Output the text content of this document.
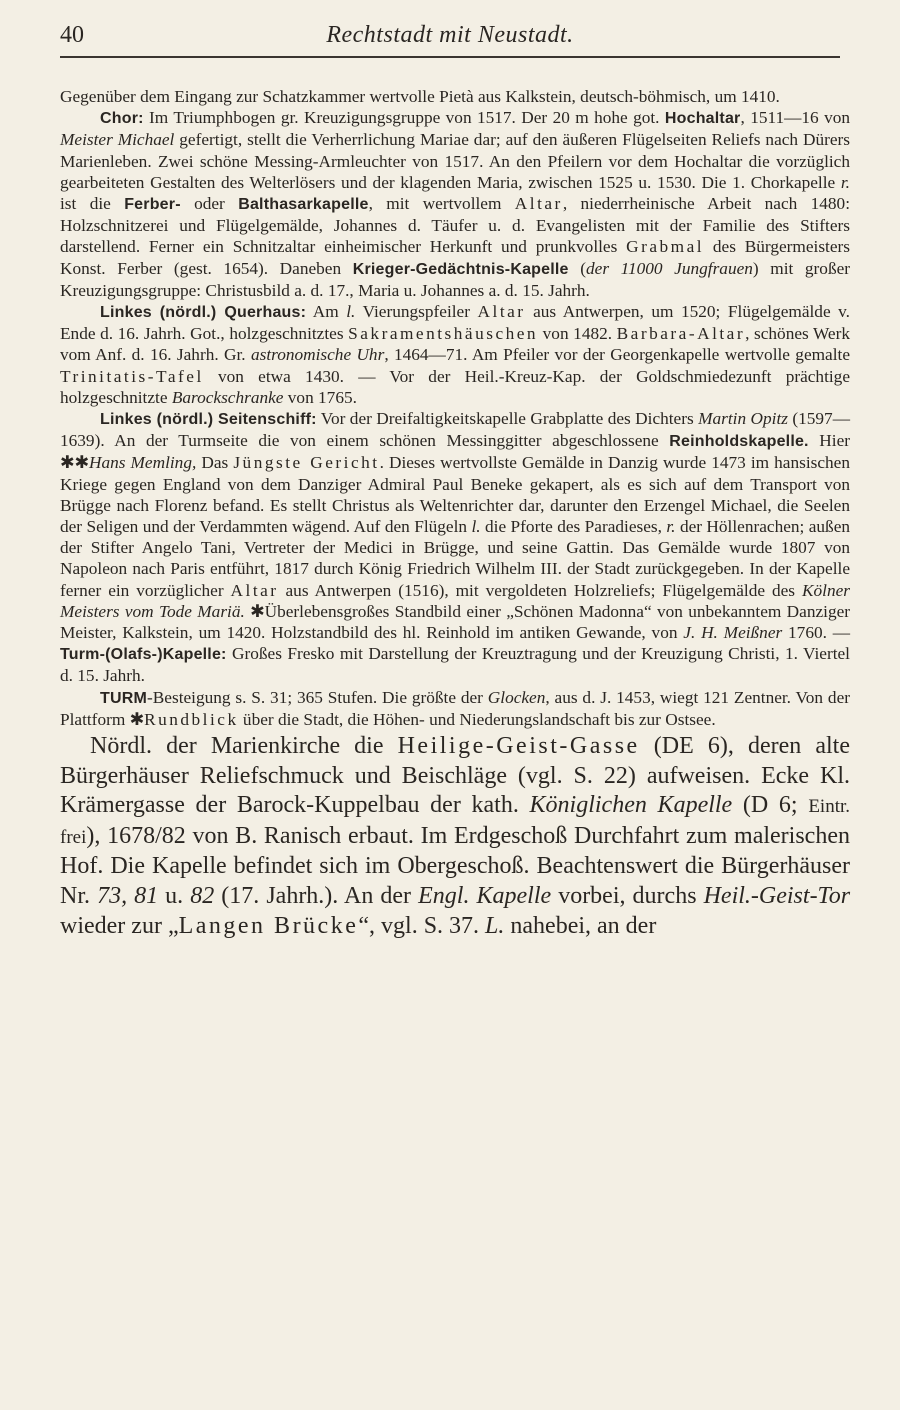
40	Rechtstadt mit Neustadt.

Gegenüber dem Eingang zur Schatzkammer wertvolle Pietà aus Kalkstein, deutsch-böhmisch, um 1410.

Chor: Im Triumphbogen gr. Kreuzigungsgruppe von 1517. Der 20 m hohe got. Hochaltar, 1511—16 von Meister Michael gefertigt, stellt die Verherrlichung Mariae dar; auf den äußeren Flügelseiten Reliefs nach Dürers Marienleben. Zwei schöne Messing-Armleuchter von 1517. An den Pfeilern vor dem Hochaltar die vorzüglich gearbeiteten Gestalten des Welterlösers und der klagenden Maria, zwischen 1525 u. 1530. Die 1. Chorkapelle r. ist die Ferber- oder Balthasarkapelle, mit wertvollem Altar, niederrheinische Arbeit nach 1480: Holzschnitzerei und Flügelgemälde, Johannes d. Täufer u. d. Evangelisten mit der Familie des Stifters darstellend. Ferner ein Schnitzaltar einheimischer Herkunft und prunkvolles Grabmal des Bürgermeisters Konst. Ferber (gest. 1654). Daneben Krieger-Gedächtnis-Kapelle (der 11000 Jungfrauen) mit großer Kreuzigungsgruppe: Christusbild a. d. 17., Maria u. Johannes a. d. 15. Jahrh.

Linkes (nördl.) Querhaus: Am l. Vierungspfeiler Altar aus Antwerpen, um 1520; Flügelgemälde v. Ende d. 16. Jahrh. Got., holzgeschnitztes Sakramentshäuschen von 1482. Barbara-Altar, schönes Werk vom Anf. d. 16. Jahrh. Gr. astronomische Uhr, 1464—71. Am Pfeiler vor der Georgenkapelle wertvolle gemalte Trinitatis-Tafel von etwa 1430. — Vor der Heil.-Kreuz-Kap. der Goldschmiedezunft prächtige holzgeschnitzte Barockschranke von 1765.

Linkes (nördl.) Seitenschiff: Vor der Dreifaltigkeitskapelle Grabplatte des Dichters Martin Opitz (1597—1639). An der Turmseite die von einem schönen Messinggitter abgeschlossene Reinholdskapelle. Hier ✱✱Hans Memling, Das Jüngste Gericht. Dieses wertvollste Gemälde in Danzig wurde 1473 im hansischen Kriege gegen England von dem Danziger Admiral Paul Beneke gekapert, als es sich auf dem Transport von Brügge nach Florenz befand. Es stellt Christus als Weltenrichter dar, darunter den Erzengel Michael, die Seelen der Seligen und der Verdammten wägend. Auf den Flügeln l. die Pforte des Paradieses, r. der Höllenrachen; außen der Stifter Angelo Tani, Vertreter der Medici in Brügge, und seine Gattin. Das Gemälde wurde 1807 von Napoleon nach Paris entführt, 1817 durch König Friedrich Wilhelm III. der Stadt zurückgegeben. In der Kapelle ferner ein vorzüglicher Altar aus Antwerpen (1516), mit vergoldeten Holzreliefs; Flügelgemälde des Kölner Meisters vom Tode Mariä. ✱Überlebensgroßes Standbild einer „Schönen Madonna“ von unbekanntem Danziger Meister, Kalkstein, um 1420. Holzstandbild des hl. Reinhold im antiken Gewande, von J. H. Meißner 1760. — Turm-(Olafs-)Kapelle: Großes Fresko mit Darstellung der Kreuztragung und der Kreuzigung Christi, 1. Viertel d. 15. Jahrh.

TURM-Besteigung s. S. 31; 365 Stufen. Die größte der Glocken, aus d. J. 1453, wiegt 121 Zentner. Von der Plattform ✱Rundblick über die Stadt, die Höhen- und Niederungslandschaft bis zur Ostsee.

Nördl. der Marienkirche die Heilige-Geist-Gasse (DE 6), deren alte Bürgerhäuser Reliefschmuck und Beischläge (vgl. S. 22) aufweisen. Ecke Kl. Krämergasse der Barock-Kuppelbau der kath. Königlichen Kapelle (D 6; Eintr. frei), 1678/82 von B. Ranisch erbaut. Im Erdgeschoß Durchfahrt zum malerischen Hof. Die Kapelle befindet sich im Obergeschoß. Beachtenswert die Bürgerhäuser Nr. 73, 81 u. 82 (17. Jahrh.). An der Engl. Kapelle vorbei, durchs Heil.-Geist-Tor wieder zur „Langen Brücke“, vgl. S. 37. L. nahebei, an der
